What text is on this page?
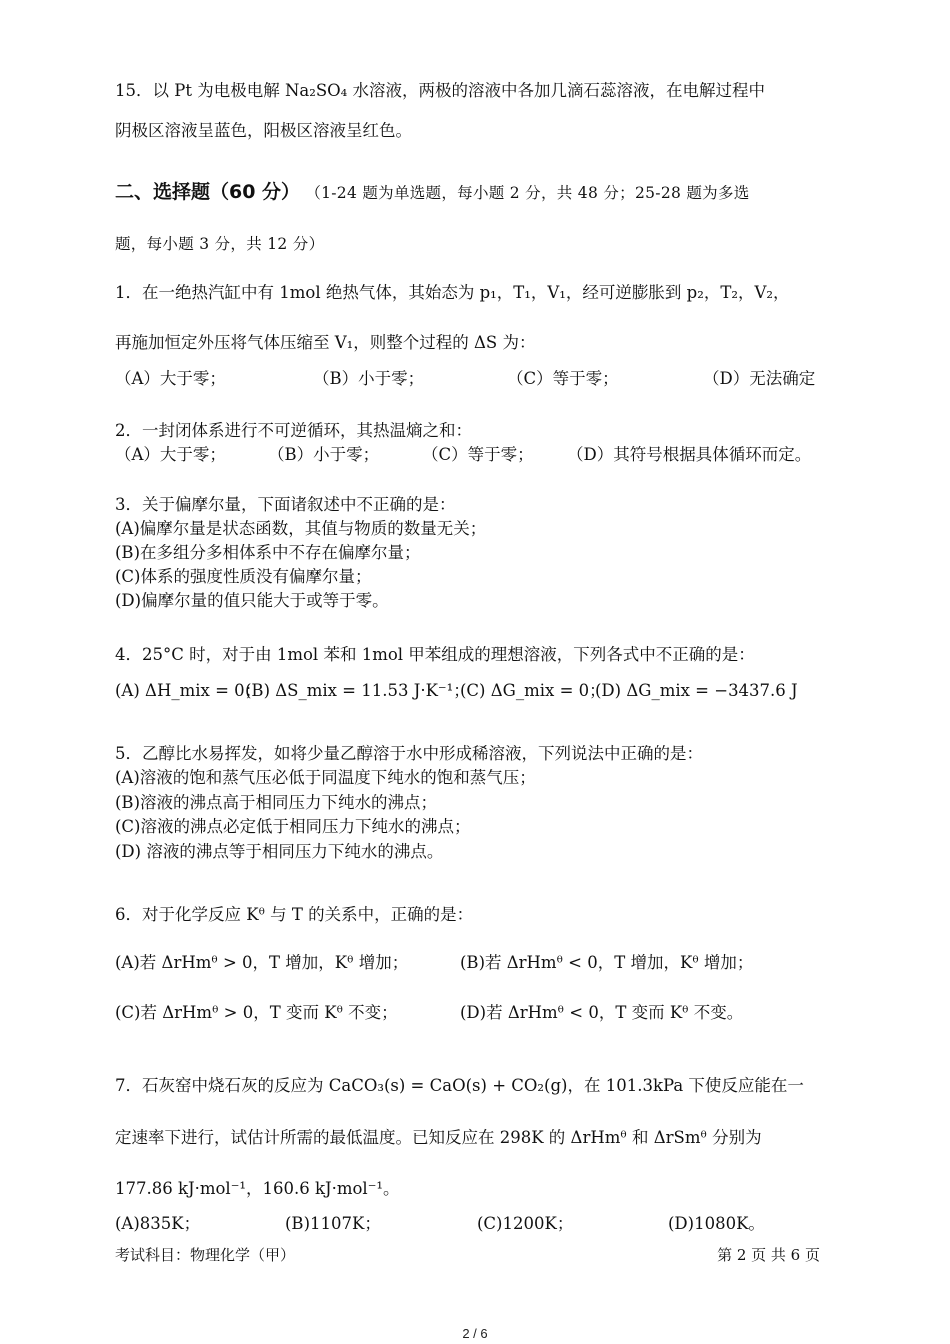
15．以 Pt 为电极电解 Na₂SO₄ 水溶液，两极的溶液中各加几滴石蕊溶液，在电解过程中
阴极区溶液呈蓝色，阳极区溶液呈红色。
二、选择题（60 分） （1-24 题为单选题，每小题 2 分，共 48 分；25-28 题为多选
题，每小题 3 分，共 12 分）
1．在一绝热汽缸中有 1mol 绝热气体，其始态为 p₁，T₁，V₁，经可逆膨胀到 p₂，T₂，V₂，
再施加恒定外压将气体压缩至 V₁，则整个过程的 ΔS 为：
（A）大于零；	（B）小于零；	（C）等于零；	（D）无法确定
2．一封闭体系进行不可逆循环，其热温熵之和：
（A）大于零；	（B）小于零；	（C）等于零； （D）其符号根据具体循环而定。
3．关于偏摩尔量，下面诸叙述中不正确的是：
(A)偏摩尔量是状态函数，其值与物质的数量无关；
(B)在多组分多相体系中不存在偏摩尔量；
(C)体系的强度性质没有偏摩尔量；
(D)偏摩尔量的值只能大于或等于零。
4．25°C 时，对于由 1mol 苯和 1mol 甲苯组成的理想溶液，下列各式中不正确的是：
(A) ΔH_mix = 0；
(B) ΔS_mix = 11.53 J·K⁻¹；
(C) ΔG_mix = 0；
(D) ΔG_mix = −3437.6 J
5．乙醇比水易挥发，如将少量乙醇溶于水中形成稀溶液，下列说法中正确的是：
(A)溶液的饱和蒸气压必低于同温度下纯水的饱和蒸气压；
(B)溶液的沸点高于相同压力下纯水的沸点；
(C)溶液的沸点必定低于相同压力下纯水的沸点；
(D) 溶液的沸点等于相同压力下纯水的沸点。
6．对于化学反应 Kᶿ 与 T 的关系中，正确的是：
(A)若 ΔrHmᶿ > 0，T 增加，Kᶿ 增加；	(B)若 ΔrHmᶿ < 0，T 增加，Kᶿ 增加；
(C)若 ΔrHmᶿ > 0，T 变而 Kᶿ 不变；	(D)若 ΔrHmᶿ < 0，T 变而 Kᶿ 不变。
7．石灰窑中烧石灰的反应为 CaCO₃(s) = CaO(s) + CO₂(g)，在 101.3kPa 下使反应能在一
定速率下进行，试估计所需的最低温度。已知反应在 298K 的 ΔrHmᶿ 和 ΔrSmᶿ 分别为
177.86 kJ·mol⁻¹，160.6 kJ·mol⁻¹。
(A)835K；	(B)1107K；	(C)1200K；	(D)1080K。
考试科目：物理化学（甲）	第 2 页 共 6 页
2 / 6
